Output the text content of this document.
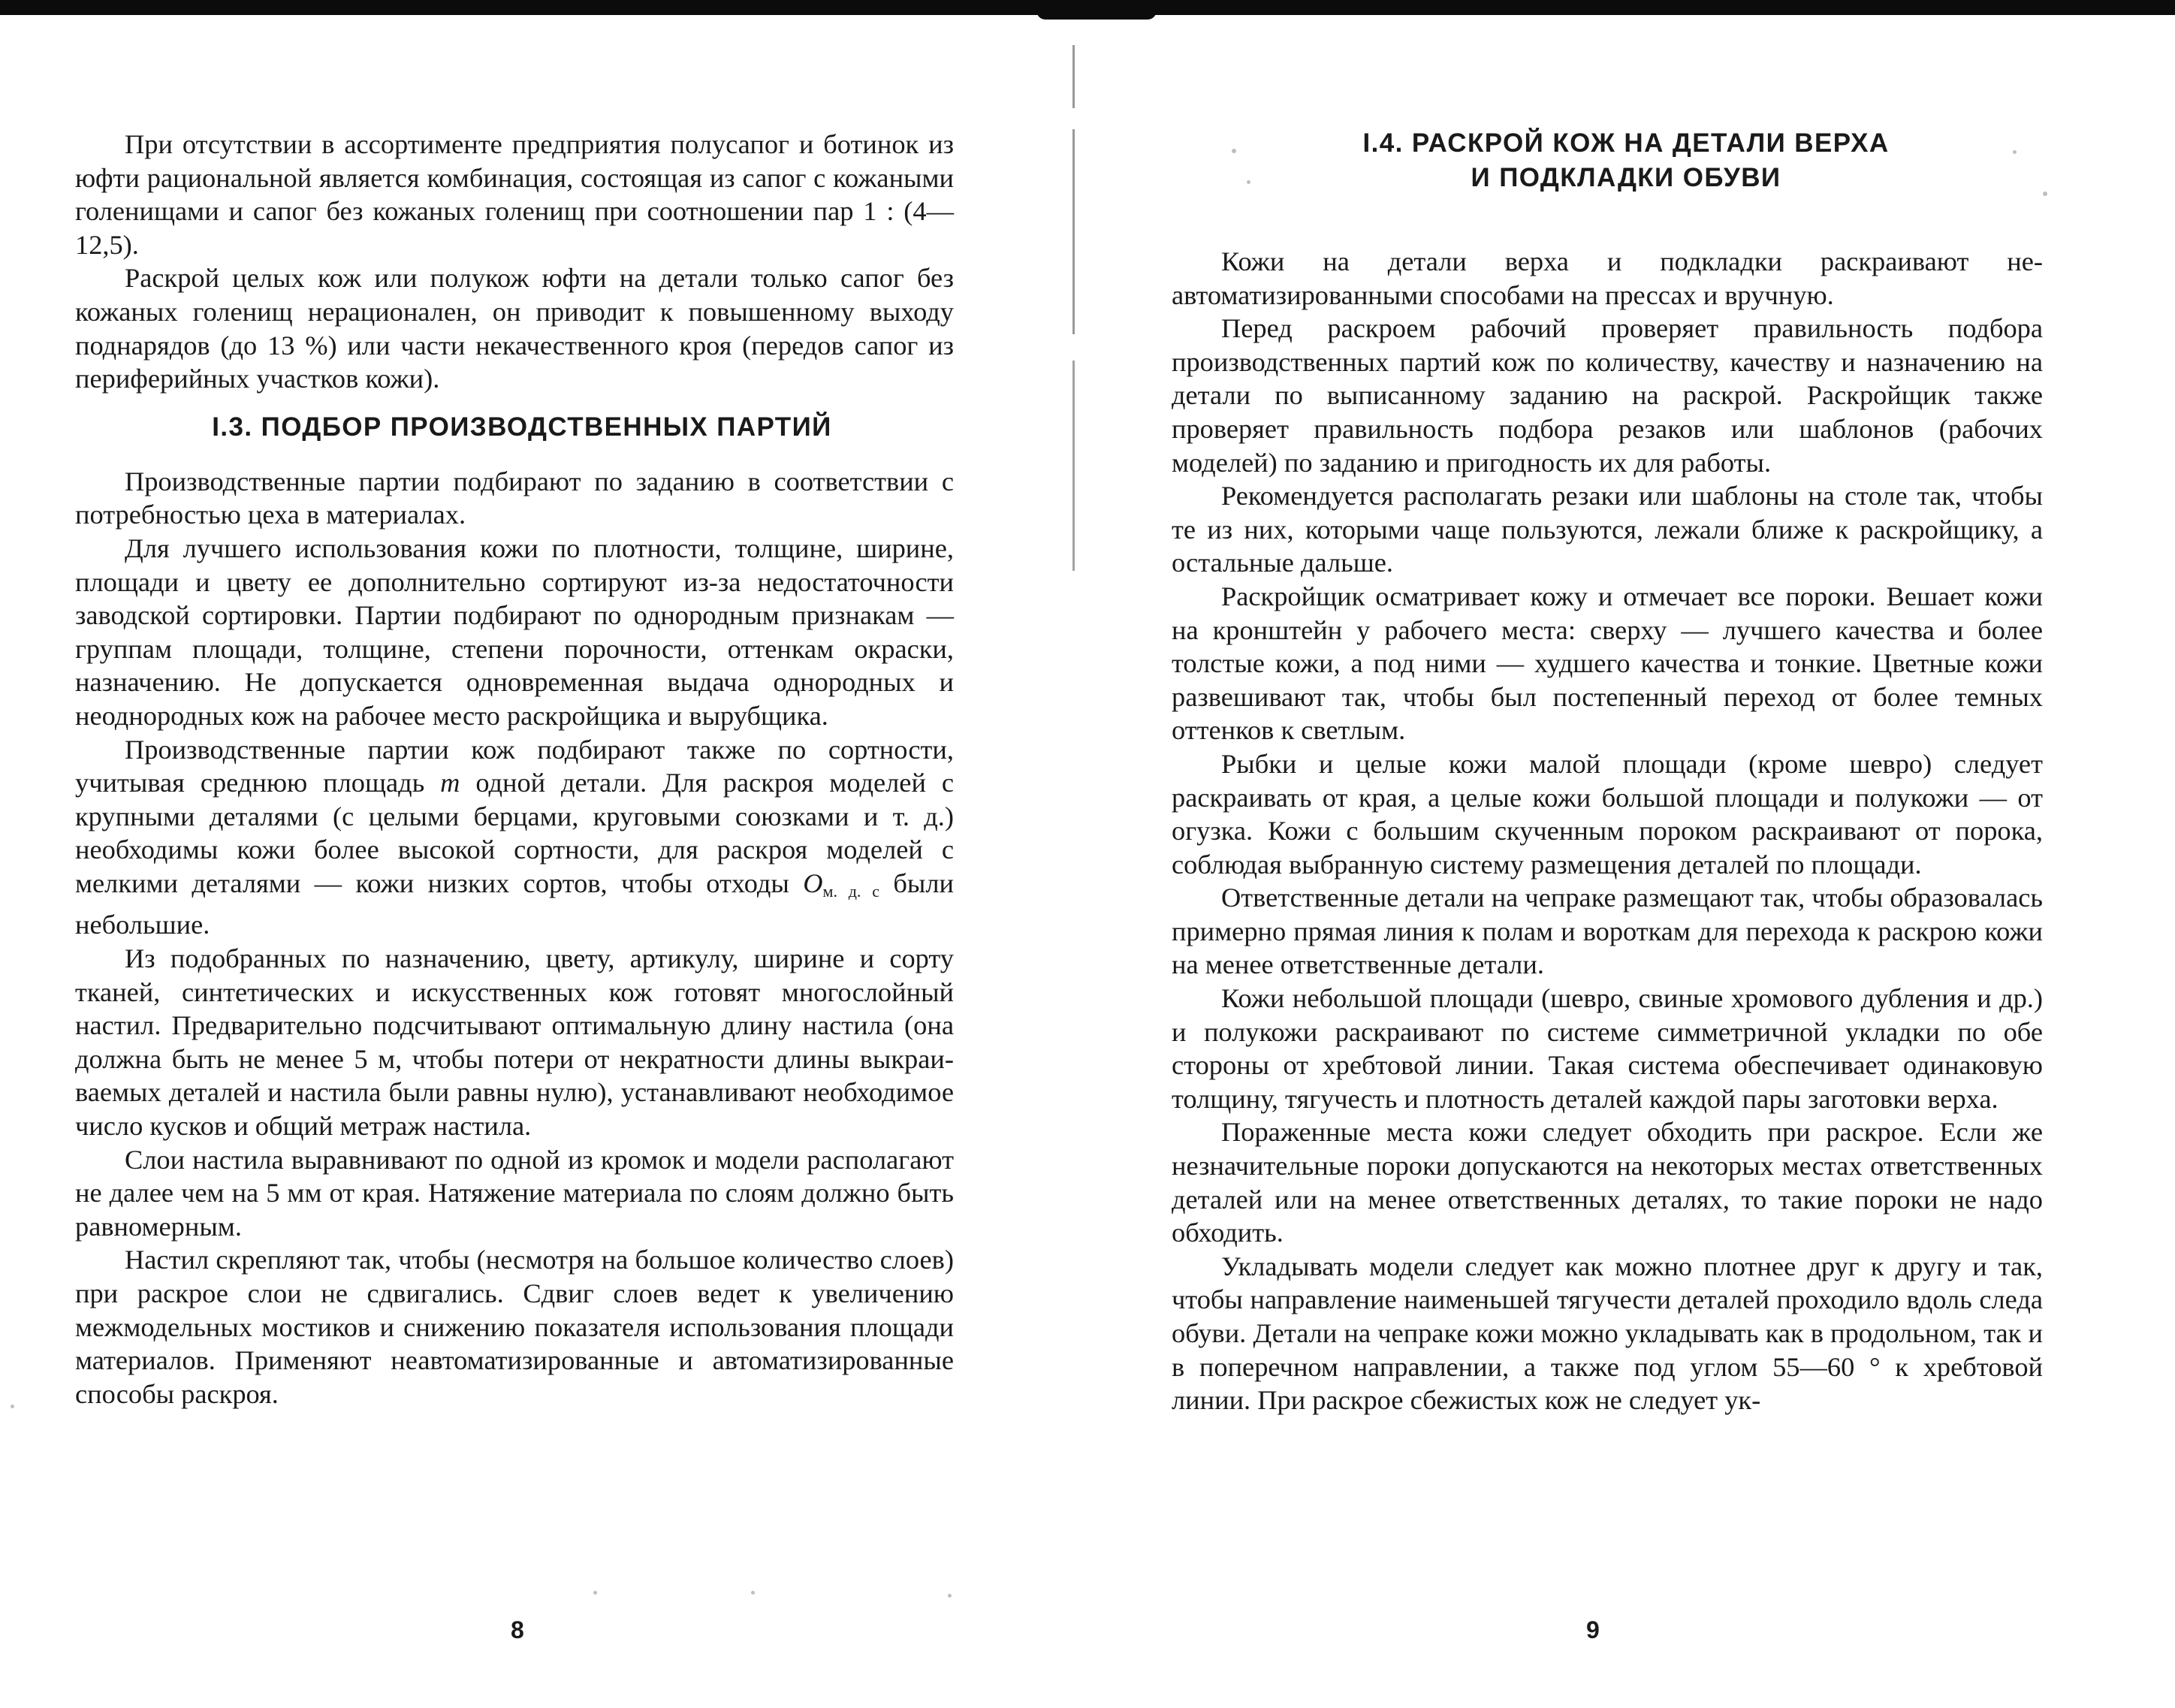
При отсутствии в ассортименте предприятия полусапог и ботинок из юфти рациональной является комбинация, состоящая из сапог с кожаными голенищами и сапог без кожаных голенищ при соотношении пар 1 : (4—12,5).

Раскрой целых кож или полукож юфти на детали только сапог без кожаных голенищ нерационален, он приводит к повышенному выходу поднарядов (до 13 %) или части некачественного кроя (передов сапог из периферийных участков кожи).

І.3. ПОДБОР ПРОИЗВОДСТВЕННЫХ ПАРТИЙ

Производственные партии подбирают по заданию в соответствии с потребностью цеха в материалах.

Для лучшего использования кожи по плотности, толщине, ширине, площади и цвету ее дополнительно сортируют из-за недостаточности заводской сортировки. Партии подбирают по однородным признакам — группам площади, толщине, степени порочности, оттенкам окраски, назначению. Не допускается одновременная выдача однородных и неоднородных кож на рабочее место раскройщика и вырубщика.

Производственные партии кож подбирают также по сортности, учитывая среднюю площадь m одной детали. Для раскроя моделей с крупными деталями (с целыми берцами, круговыми союзками и т. д.) необходимы кожи более высокой сортности, для раскроя моделей с мелкими деталями — кожи низких сортов, чтобы отходы $О_{м. д. с}$ были небольшие.

Из подобранных по назначению, цвету, артикулу, ширине и сорту тканей, синтетических и искусственных кож готовят многослойный настил. Предварительно подсчитывают оптимальную длину настила (она должна быть не менее 5 м, чтобы потери от некратности длины выкраиваемых деталей и настила были равны нулю), устанавливают необходимое число кусков и общий метраж настила.

Слои настила выравнивают по одной из кромок и модели располагают не далее чем на 5 мм от края. Натяжение материала по слоям должно быть равномерным.

Настил скрепляют так, чтобы (несмотря на большое количество слоев) при раскрое слои не сдвигались. Сдвиг слоев ведет к увеличению межмодельных мостиков и снижению показателя использования площади материалов. Применяют неавтоматизированные и автоматизированные способы раскроя.

8
І.4. РАСКРОЙ КОЖ НА ДЕТАЛИ ВЕРХА
И ПОДКЛАДКИ ОБУВИ

Кожи на детали верха и подкладки раскраивают неавтоматизированными способами на прессах и вручную.

Перед раскроем рабочий проверяет правильность подбора производственных партий кож по количеству, качеству и назначению на детали по выписанному заданию на раскрой. Раскройщик также проверяет правильность подбора резаков или шаблонов (рабочих моделей) по заданию и пригодность их для работы.

Рекомендуется располагать резаки или шаблоны на столе так, чтобы те из них, которыми чаще пользуются, лежали ближе к раскройщику, а остальные дальше.

Раскройщик осматривает кожу и отмечает все пороки. Вешает кожи на кронштейн у рабочего места: сверху — лучшего качества и более толстые кожи, а под ними — худшего качества и тонкие. Цветные кожи развешивают так, чтобы был постепенный переход от более темных оттенков к светлым.

Рыбки и целые кожи малой площади (кроме шевро) следует раскраивать от края, а целые кожи большой площади и полукожи — от огузка. Кожи с большим скученным пороком раскраивают от порока, соблюдая выбранную систему размещения деталей по площади.

Ответственные детали на чепраке размещают так, чтобы образовалась примерно прямая линия к полам и вороткам для перехода к раскрою кожи на менее ответственные детали.

Кожи небольшой площади (шевро, свиные хромового дубления и др.) и полукожи раскраивают по системе симметричной укладки по обе стороны от хребтовой линии. Такая система обеспечивает одинаковую толщину, тягучесть и плотность деталей каждой пары заготовки верха.

Пораженные места кожи следует обходить при раскрое. Если же незначительные пороки допускаются на некоторых местах ответственных деталей или на менее ответственных деталях, то такие пороки не надо обходить.

Укладывать модели следует как можно плотнее друг к другу и так, чтобы направление наименьшей тягучести деталей проходило вдоль следа обуви. Детали на чепраке кожи можно укладывать как в продольном, так и в поперечном направлении, а также под углом 55—60 ° к хребтовой линии. При раскрое сбежистых кож не следует ук-

9
